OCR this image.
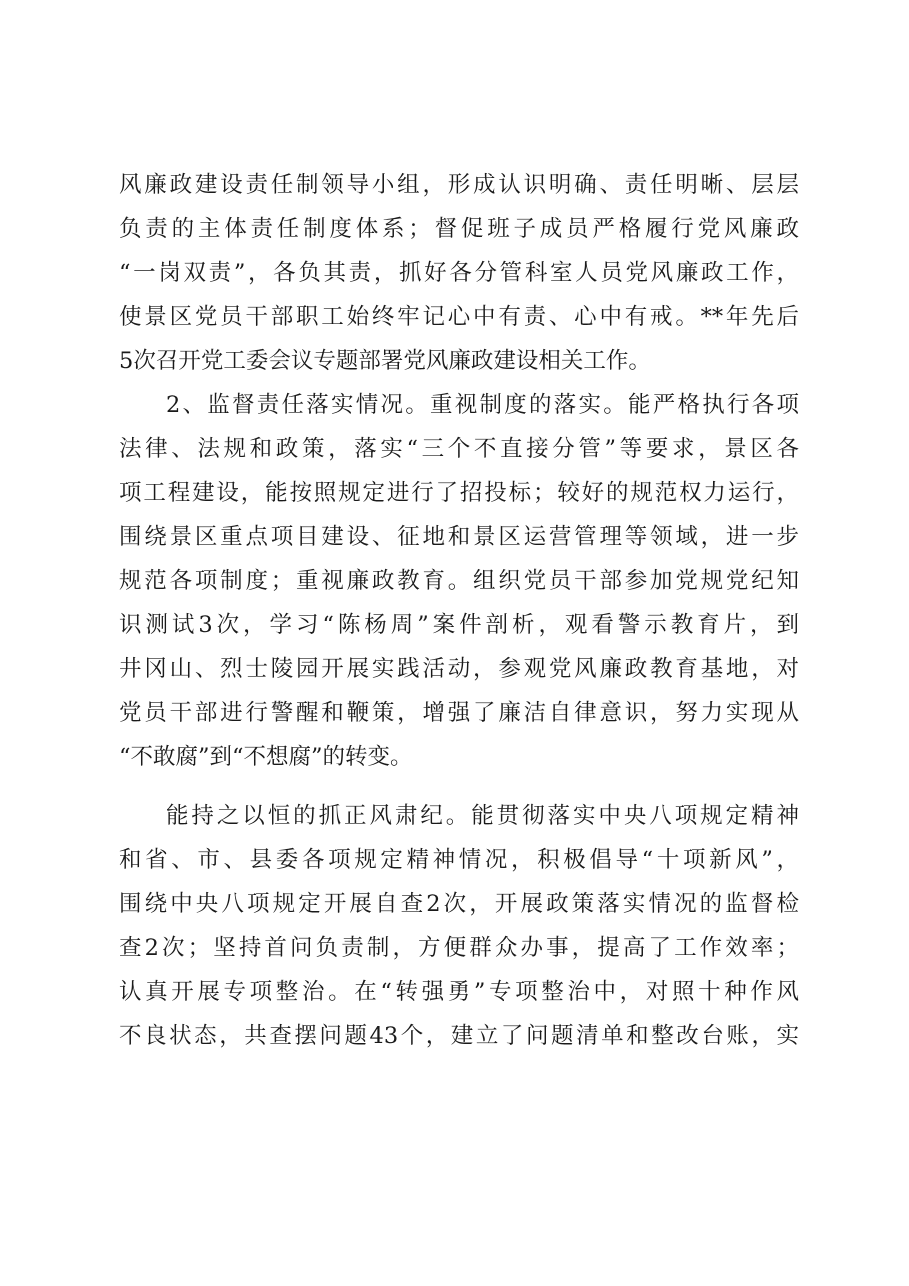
风廉政建设责任制领导小组，形成认识明确、责任明晰、层层
负责的主体责任制度体系；督促班子成员严格履行党风廉政
“一岗双责”，各负其责，抓好各分管科室人员党风廉政工作，
使景区党员干部职工始终牢记心中有责、心中有戒。**年先后
5次召开党工委会议专题部署党风廉政建设相关工作。
2、监督责任落实情况。重视制度的落实。能严格执行各项
法律、法规和政策，落实“三个不直接分管”等要求，景区各
项工程建设，能按照规定进行了招投标；较好的规范权力运行，
围绕景区重点项目建设、征地和景区运营管理等领域，进一步
规范各项制度；重视廉政教育。组织党员干部参加党规党纪知
识测试3次，学习“陈杨周”案件剖析，观看警示教育片，到
井冈山、烈士陵园开展实践活动，参观党风廉政教育基地，对
党员干部进行警醒和鞭策，增强了廉洁自律意识，努力实现从
“不敢腐”到“不想腐”的转变。
能持之以恒的抓正风肃纪。能贯彻落实中央八项规定精神
和省、市、县委各项规定精神情况，积极倡导“十项新风”，
围绕中央八项规定开展自查2次，开展政策落实情况的监督检
查2次；坚持首问负责制，方便群众办事，提高了工作效率；
认真开展专项整治。在“转强勇”专项整治中，对照十种作风
不良状态，共查摆问题43个，建立了问题清单和整改台账，实
